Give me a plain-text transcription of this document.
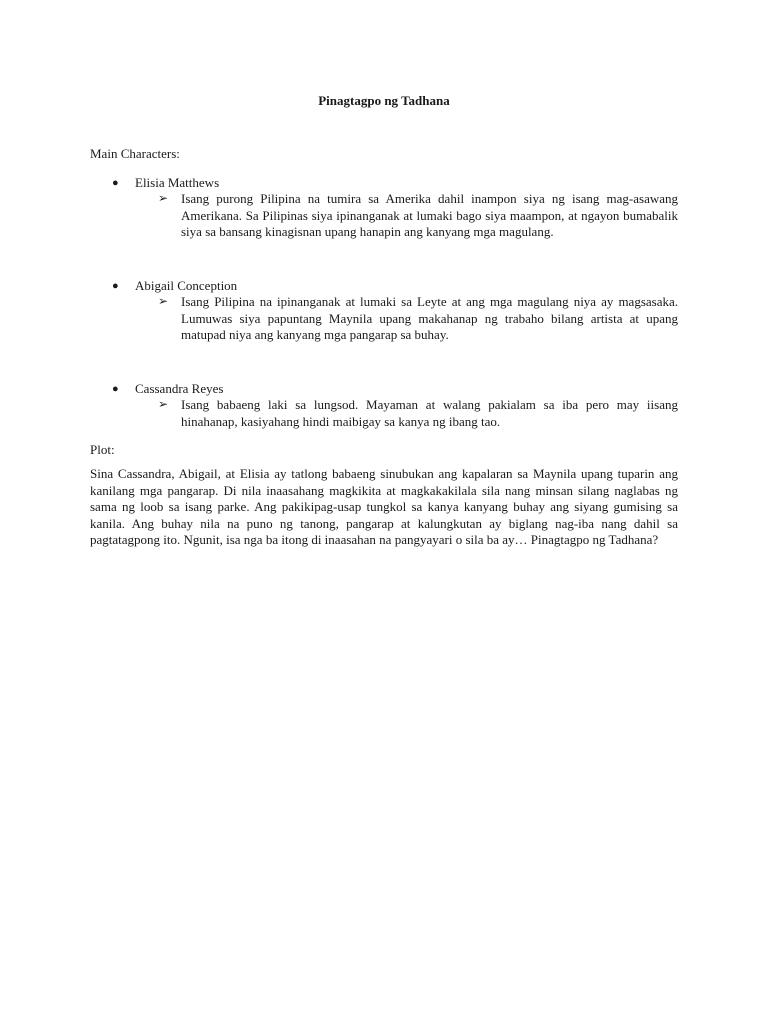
Pinagtagpo ng Tadhana

Main Characters:

● Elisia Matthews
➢ Isang purong Pilipina na tumira sa Amerika dahil inampon siya ng isang mag-asawang Amerikana. Sa Pilipinas siya ipinanganak at lumaki bago siya maampon, at ngayon bumabalik siya sa bansang kinagisnan upang hanapin ang kanyang mga magulang.

● Abigail Conception
➢ Isang Pilipina na ipinanganak at lumaki sa Leyte at ang mga magulang niya ay magsasaka. Lumuwas siya papuntang Maynila upang makahanap ng trabaho bilang artista at upang matupad niya ang kanyang mga pangarap sa buhay.

● Cassandra Reyes
➢ Isang babaeng laki sa lungsod. Mayaman at walang pakialam sa iba pero may iisang hinahanap, kasiyahang hindi maibigay sa kanya ng ibang tao.

Plot:

Sina Cassandra, Abigail, at Elisia ay tatlong babaeng sinubukan ang kapalaran sa Maynila upang tuparin ang kanilang mga pangarap. Di nila inaasahang magkikita at magkakakilala sila nang minsan silang naglabas ng sama ng loob sa isang parke. Ang pakikipag-usap tungkol sa kanya kanyang buhay ang siyang gumising sa kanila. Ang buhay nila na puno ng tanong, pangarap at kalungkutan ay biglang nag-iba nang dahil sa pagtatagpong ito. Ngunit, isa nga ba itong di inaasahan na pangyayari o sila ba ay… Pinagtagpo ng Tadhana?
